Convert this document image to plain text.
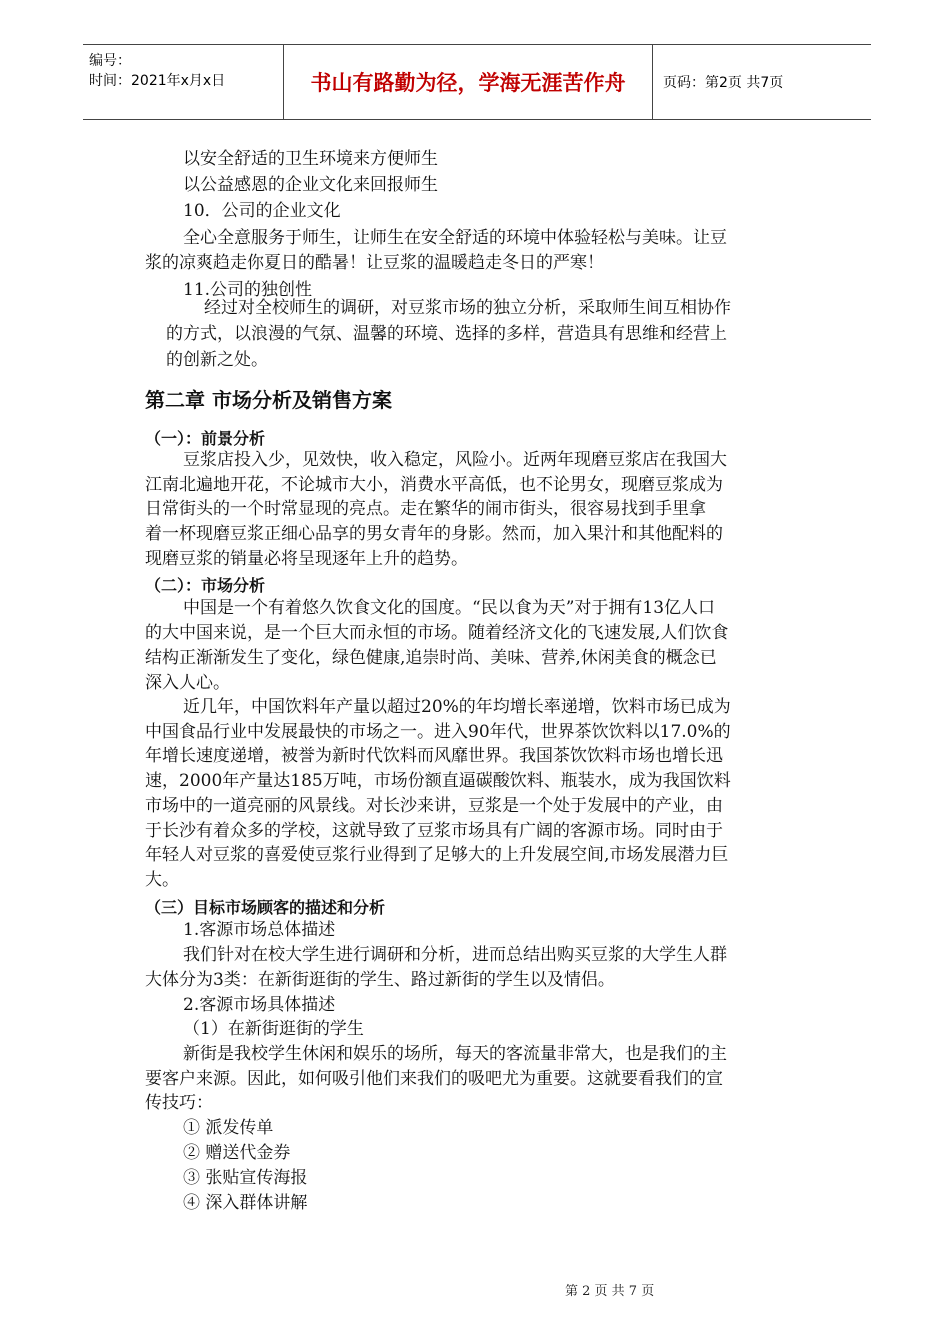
编号：
时间：2021年x月x日	书山有路勤为径，学海无涯苦作舟	页码：第2页 共7页
以安全舒适的卫生环境来方便师生
以公益感恩的企业文化来回报师生
10．公司的企业文化
全心全意服务于师生，让师生在安全舒适的环境中体验轻松与美味。让豆
浆的凉爽趋走你夏日的酷暑！让豆浆的温暖趋走冬日的严寒！
11.公司的独创性
经过对全校师生的调研，对豆浆市场的独立分析，采取师生间互相协作
的方式，以浪漫的气氛、温馨的环境、选择的多样，营造具有思维和经营上
的创新之处。
第二章 市场分析及销售方案
（一）：前景分析
豆浆店投入少，见效快，收入稳定，风险小。近两年现磨豆浆店在我国大
江南北遍地开花，不论城市大小，消费水平高低，也不论男女，现磨豆浆成为
日常街头的一个时常显现的亮点。走在繁华的闹市街头，很容易找到手里拿
着一杯现磨豆浆正细心品享的男女青年的身影。然而，加入果汁和其他配料的
现磨豆浆的销量必将呈现逐年上升的趋势。
（二）：市场分析
中国是一个有着悠久饮食文化的国度。“民以食为天”对于拥有13亿人口
的大中国来说，是一个巨大而永恒的市场。随着经济文化的飞速发展,人们饮食
结构正渐渐发生了变化，绿色健康,追崇时尚、美味、营养,休闲美食的概念已
深入人心。
近几年，中国饮料年产量以超过20%的年均增长率递增，饮料市场已成为
中国食品行业中发展最快的市场之一。进入90年代，世界茶饮饮料以17.0%的
年增长速度递增，被誉为新时代饮料而风靡世界。我国茶饮饮料市场也增长迅
速，2000年产量达185万吨，市场份额直逼碳酸饮料、瓶装水，成为我国饮料
市场中的一道亮丽的风景线。对长沙来讲，豆浆是一个处于发展中的产业，由
于长沙有着众多的学校，这就导致了豆浆市场具有广阔的客源市场。同时由于
年轻人对豆浆的喜爱使豆浆行业得到了足够大的上升发展空间,市场发展潜力巨
大。
（三）目标市场顾客的描述和分析
1.客源市场总体描述
我们针对在校大学生进行调研和分析，进而总结出购买豆浆的大学生人群
大体分为3类：在新街逛街的学生、路过新街的学生以及情侣。
2.客源市场具体描述
（1）在新街逛街的学生
新街是我校学生休闲和娱乐的场所，每天的客流量非常大，也是我们的主
要客户来源。因此，如何吸引他们来我们的吸吧尤为重要。这就要看我们的宣
传技巧：
① 派发传单
② 赠送代金券
③ 张贴宣传海报
④ 深入群体讲解
第 2 页 共 7 页
